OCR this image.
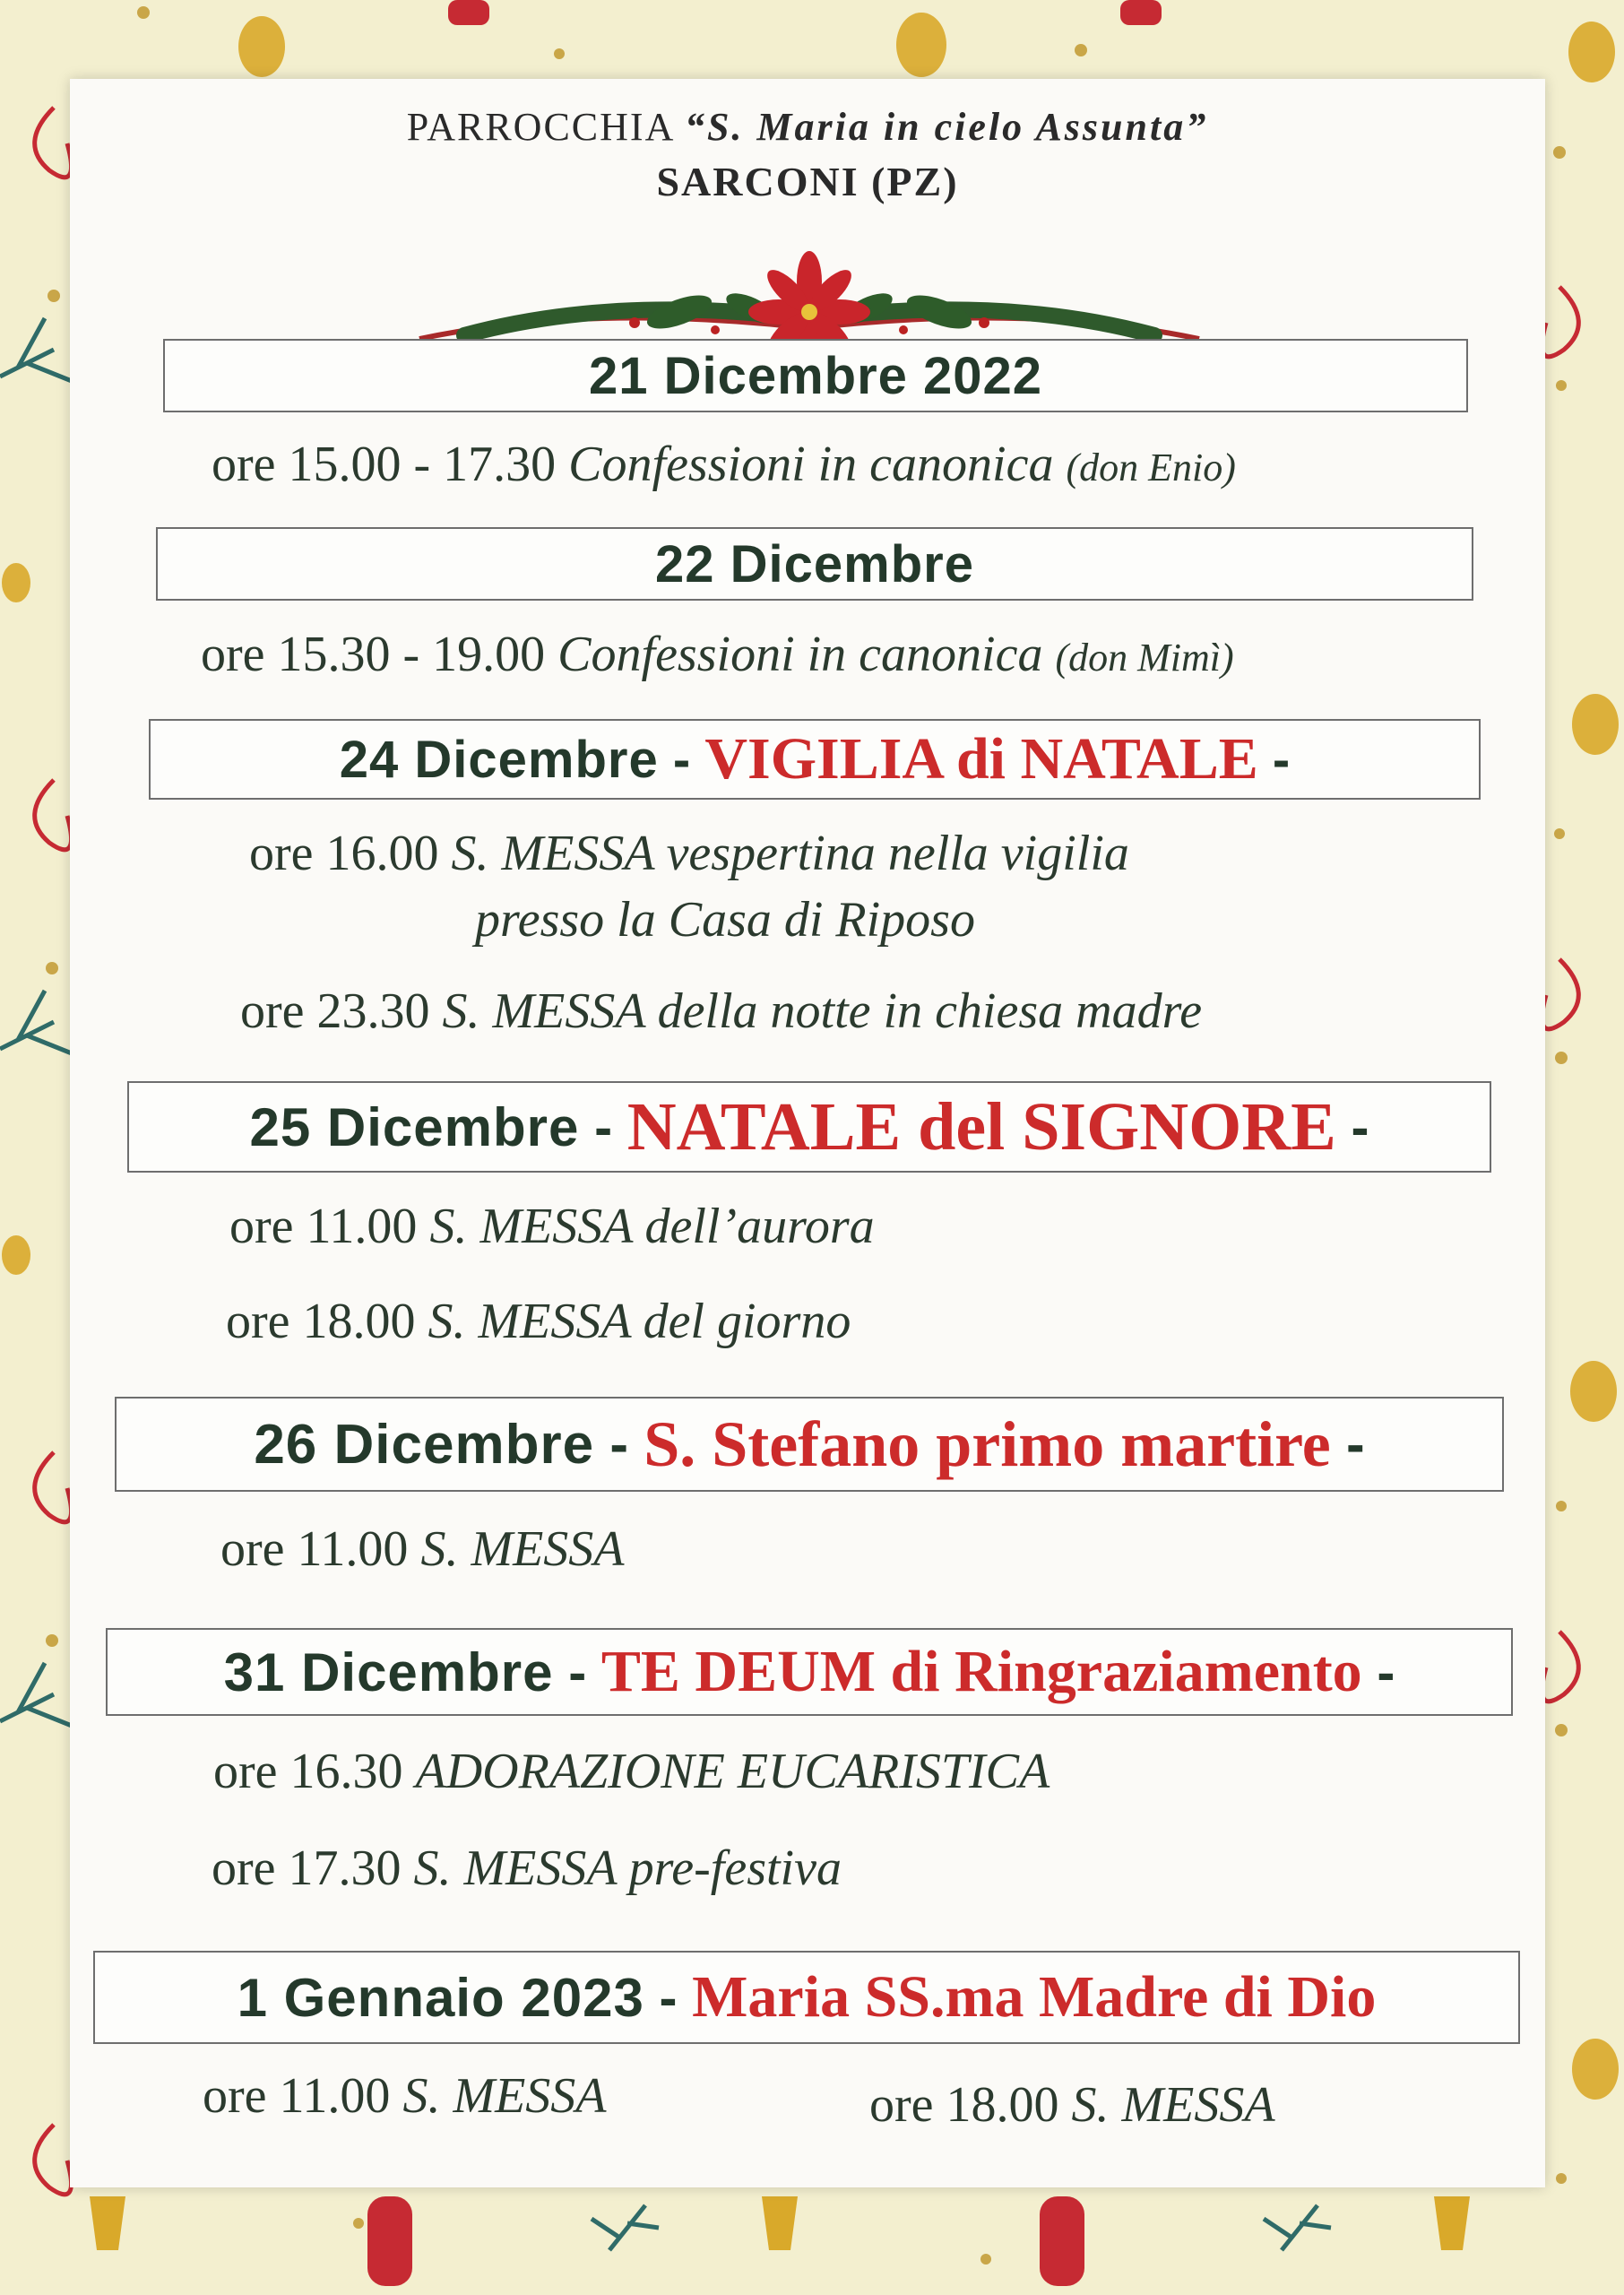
PARROCCHIA “S. Maria in cielo Assunta”
SARCONI (PZ)
21 Dicembre 2022
ore 15.00 - 17.30 Confessioni in canonica (don Enio)
22 Dicembre
ore 15.30 - 19.00 Confessioni in canonica (don Mimì)
24 Dicembre
-
VIGILIA di NATALE
-
ore 16.00 S. MESSA vespertina nella vigilia
presso la Casa di Riposo
ore 23.30 S. MESSA della notte in chiesa madre
25 Dicembre
-
NATALE del SIGNORE
-
ore 11.00 S. MESSA dell’aurora
ore 18.00 S. MESSA del giorno
26 Dicembre
-
S. Stefano primo martire
-
ore 11.00 S. MESSA
31 Dicembre
-
TE DEUM di Ringraziamento
-
ore 16.30 ADORAZIONE EUCARISTICA
ore 17.30 S. MESSA pre-festiva
1 Gennaio 2023
-
Maria SS.ma Madre di Dio
ore 11.00 S. MESSA	ore 18.00 S. MESSA
